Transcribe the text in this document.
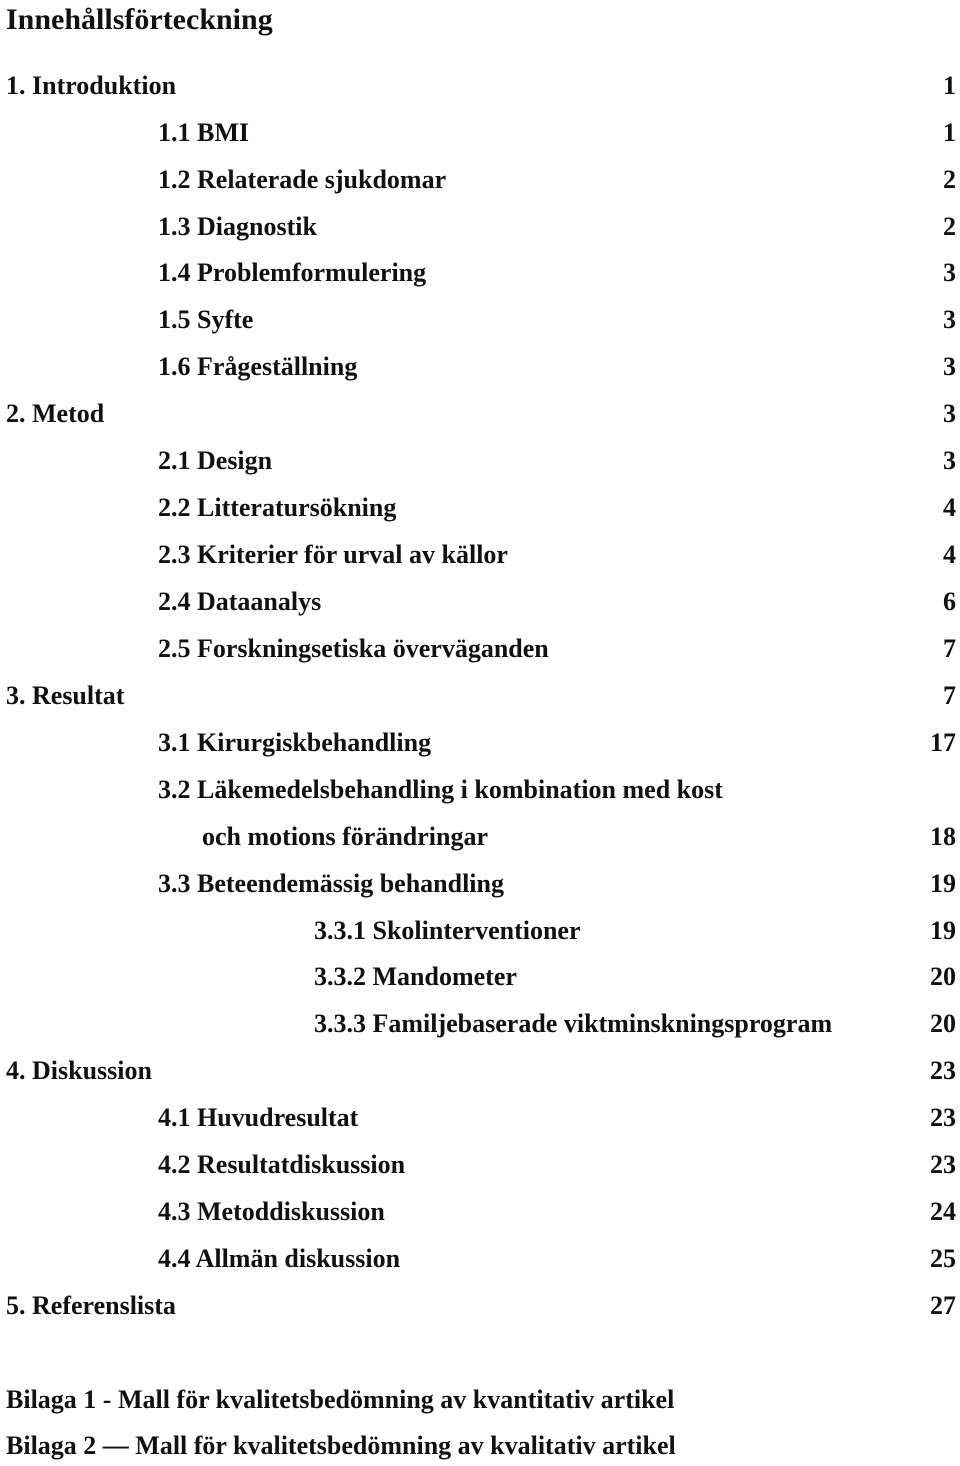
Innehållsförteckning
1. Introduktion	1
1.1 BMI	1
1.2 Relaterade sjukdomar	2
1.3 Diagnostik	2
1.4 Problemformulering	3
1.5 Syfte	3
1.6 Frågeställning	3
2. Metod	3
2.1 Design	3
2.2 Litteratursökning	4
2.3 Kriterier för urval av källor	4
2.4 Dataanalys	6
2.5 Forskningsetiska överväganden	7
3. Resultat	7
3.1 Kirurgiskbehandling	17
3.2 Läkemedelsbehandling i kombination med kost
och motions förändringar	18
3.3 Beteendemässig behandling	19
3.3.1 Skolinterventioner	19
3.3.2 Mandometer	20
3.3.3 Familjebaserade viktminskningsprogram	20
4. Diskussion	23
4.1 Huvudresultat	23
4.2 Resultatdiskussion	23
4.3 Metoddiskussion	24
4.4 Allmän diskussion	25
5. Referenslista	27
Bilaga 1 - Mall för kvalitetsbedömning av kvantitativ artikel
Bilaga 2 — Mall för kvalitetsbedömning av kvalitativ artikel
